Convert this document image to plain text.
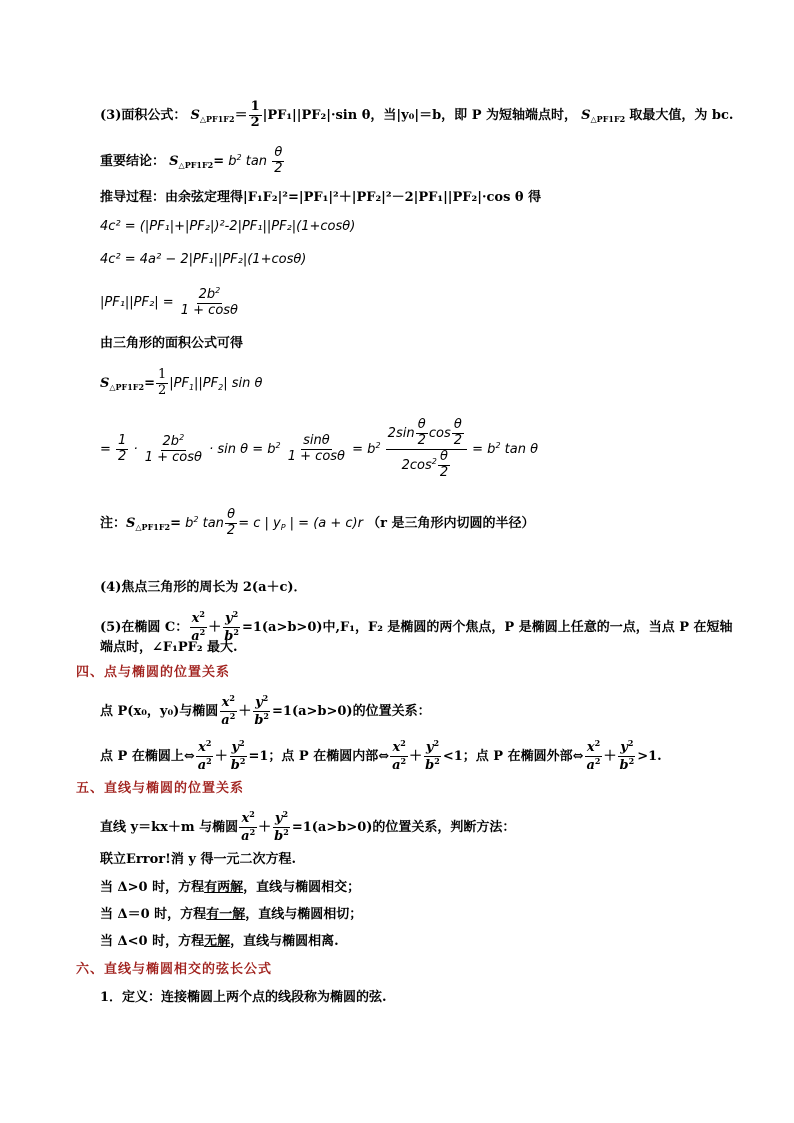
(3)面积公式： $S_{\triangle PF1F2}= \frac{1}{2} |PF_1||PF_2|\cdot\sin$ θ，当|y₀|＝b，即 P 为短轴端点时， $S_{\triangle PF1F2}$ 取最大值，为 bc.
重要结论： $S_{\triangle PF1F2}= b^2$ $\tan \frac{\theta}{2}$
推导过程：由余弦定理得|F₁F₂|²=|PF₁|²＋|PF₂|²－2|PF₁||PF₂|·cos θ 得
4c² = (|PF₁|+|PF₂|)²-2|PF₁||PF₂|(1+cosθ)
4c² = 4a² − 2|PF₁||PF₂|(1+cosθ)
$|PF_1||PF_2| = \frac{2b^2}{1 + \cos\theta}$
由三角形的面积公式可得
$S_{\triangle PF1F2}= \frac{1}{2} |PF_1||PF_2|$ sin θ
= $\frac{1}{2} \cdot \frac{2b^2}{1 + \cos\theta} \cdot \sin \theta = b^2 \frac{\sin\theta}{1 + \cos\theta} = b^2 \frac{2\sin \frac{\theta}{2} \cos \frac{\theta}{2}}{2\cos^2 \frac{\theta}{2}} = b^2$ tan θ
注：$S_{\triangle PF1F2}= b^2$ $\tan \frac{\theta}{2} = c$ | $y_P$ | = (a + c)r （r 是三角形内切圆的半径）
(4)焦点三角形的周长为 2(a＋c)．
(5)在椭圆 C： $\frac{x^2}{a^2} + \frac{y^2}{b^2} =1(a>b>0)$中,F₁，F₂ 是椭圆的两个焦点，P 是椭圆上任意的一点，当点 P 在短轴
端点时，∠F₁PF₂ 最大.
四、点与椭圆的位置关系
点 P(x₀，y₀)与椭圆 $\frac{x^2}{a^2} + \frac{y^2}{b^2} =1(a>b>0)$的位置关系：
点 P 在椭圆上⇔ $\frac{x^2}{a^2} + \frac{y^2}{b^2} =1$；点 P 在椭圆内部⇔ $\frac{x^2}{a^2} + \frac{y^2}{b^2} <1$；点 P 在椭圆外部⇔ $\frac{x^2}{a^2} + \frac{y^2}{b^2} >1$.
五、直线与椭圆的位置关系
直线 y＝kx＋m 与椭圆 $\frac{x^2}{a^2} + \frac{y^2}{b^2} =1(a>b>0)$的位置关系，判断方法：
联立Error!消 y 得一元二次方程.
当 Δ>0 时，方程有两解，直线与椭圆相交；
当 Δ＝0 时，方程有一解，直线与椭圆相切；
当 Δ<0 时，方程无解，直线与椭圆相离.
六、直线与椭圆相交的弦长公式
1．定义：连接椭圆上两个点的线段称为椭圆的弦.
